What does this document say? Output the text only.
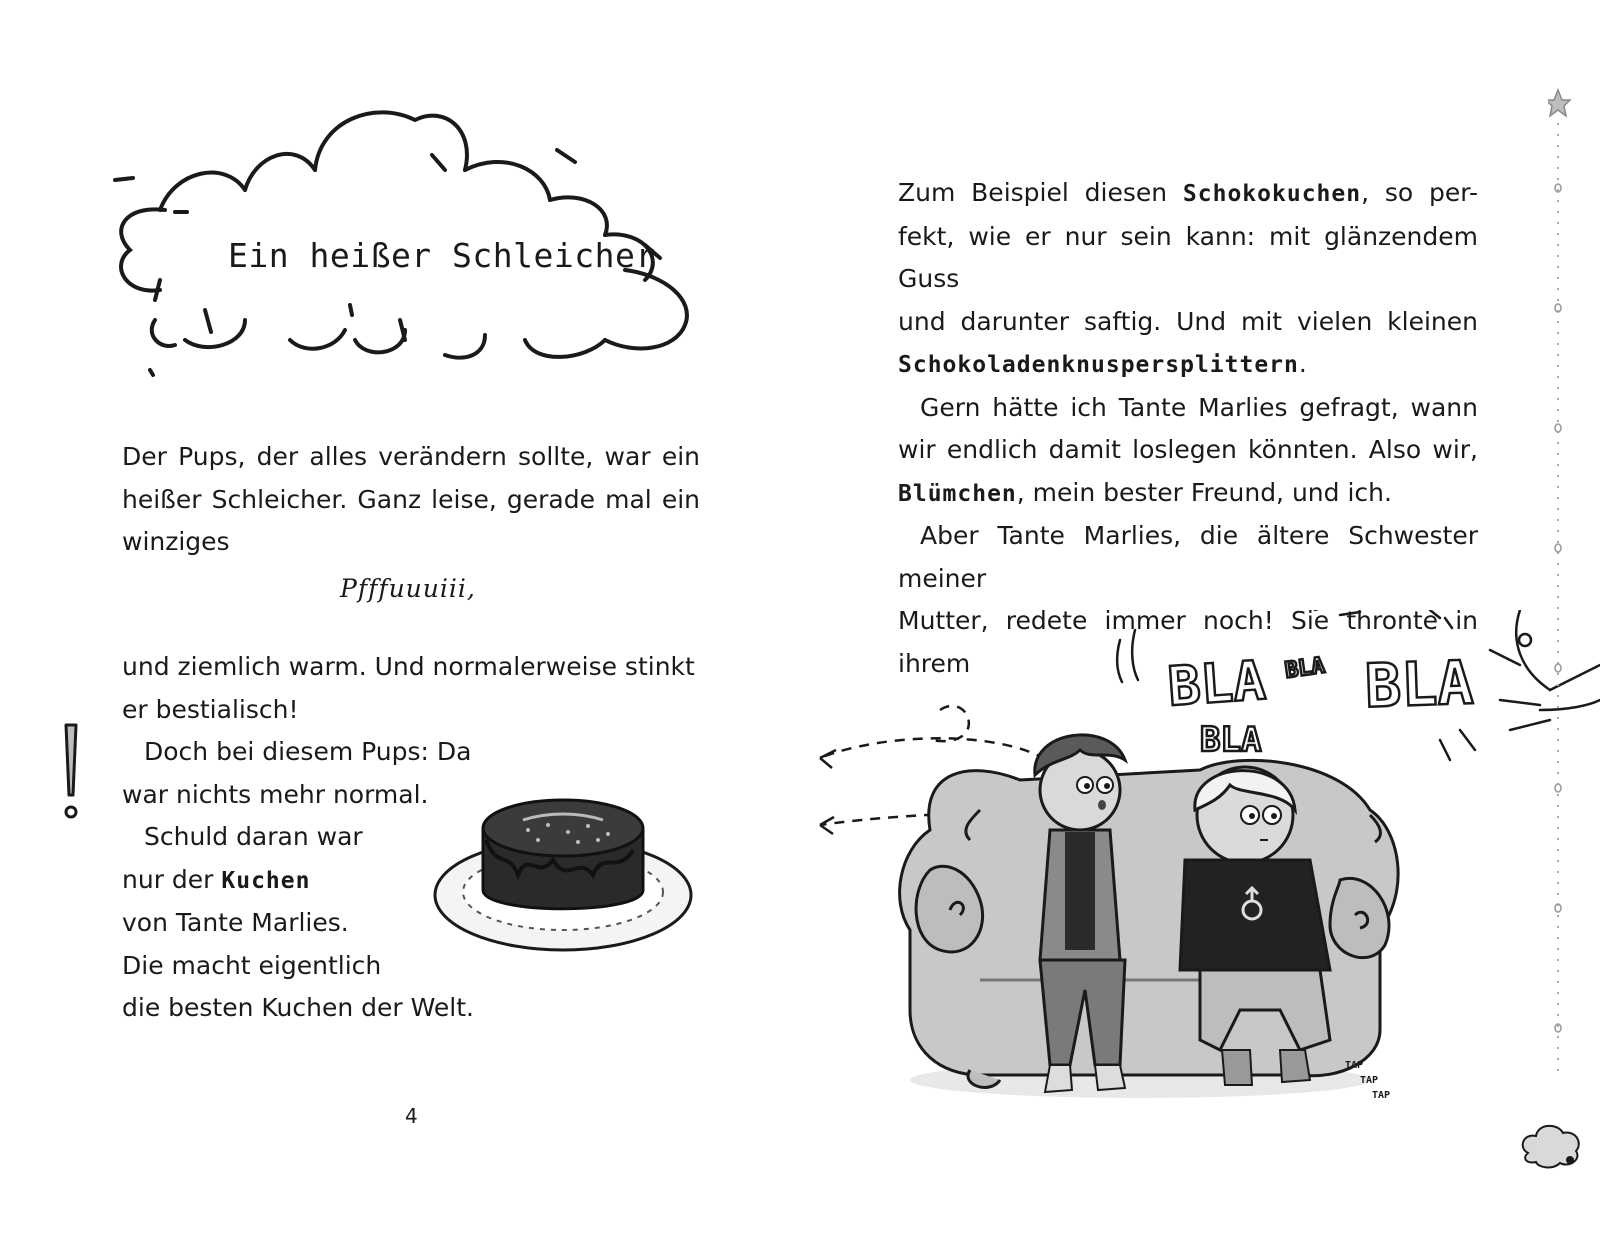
Ein heißer Schleicher
Der Pups, der alles verändern sollte, war ein
heißer Schleicher. Ganz leise, gerade mal ein
winziges
Pfffuuuiii,
und ziemlich warm. Und normalerweise stinkt
er bestialisch!
Doch bei diesem Pups: Da
war nichts mehr normal.
Schuld daran war
nur der Kuchen
von Tante Marlies.
Die macht eigentlich
die besten Kuchen der Welt.
4
Zum Beispiel diesen Schokokuchen, so per-
fekt, wie er nur sein kann: mit glänzendem Guss
und darunter saftig. Und mit vielen kleinen
Schokoladenknuspersplittern.
Gern hätte ich Tante Marlies gefragt, wann
wir endlich damit loslegen könnten. Also wir,
Blümchen, mein bester Freund, und ich.
Aber Tante Marlies, die ältere Schwester meiner
Mutter, redete immer noch! Sie thronte in ihrem	BLA BLA BLA
BLA
TAP
TAP
TAP
